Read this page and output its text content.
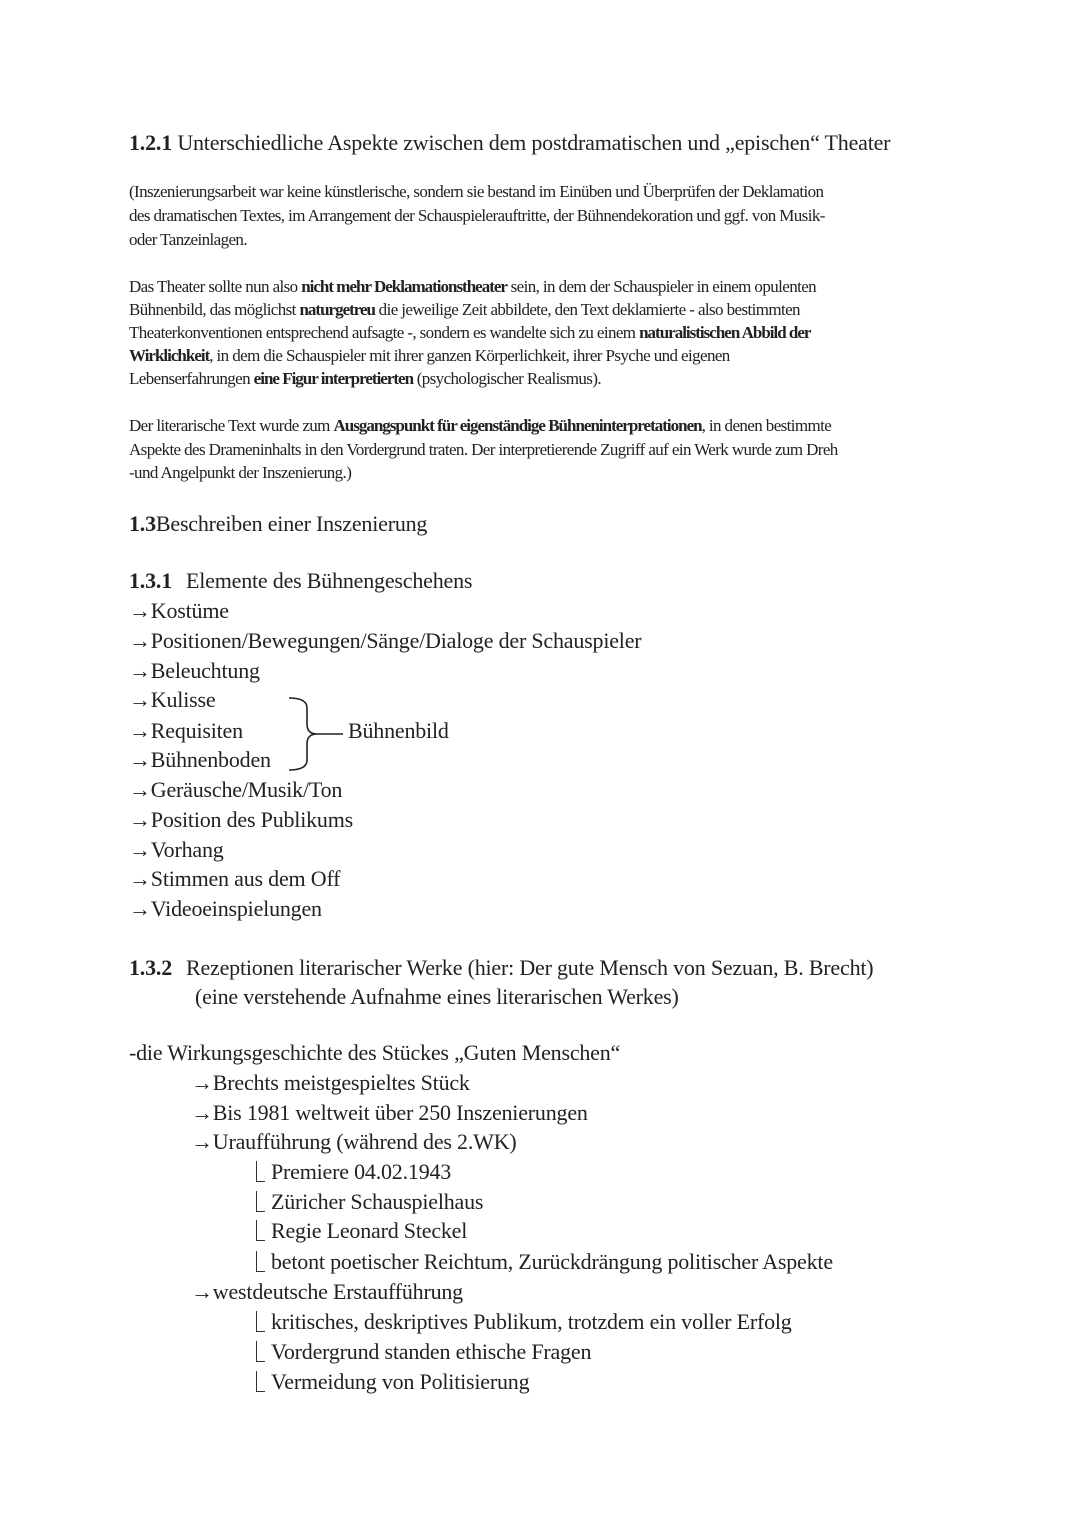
1.2.1 Unterschiedliche Aspekte zwischen dem postdramatischen und „epischen“ Theater
(Inszenierungsarbeit war keine künstlerische, sondern sie bestand im Einüben und Überprüfen der Deklamation
des dramatischen Textes, im Arrangement der Schauspielerauftritte, der Bühnendekoration und ggf. von Musik-
oder Tanzeinlagen.
Das Theater sollte nun also nicht mehr Deklamationstheater sein, in dem der Schauspieler in einem opulenten
Bühnenbild, das möglichst naturgetreu die jeweilige Zeit abbildete, den Text deklamierte - also bestimmten
Theaterkonventionen entsprechend aufsagte -, sondern es wandelte sich zu einem naturalistischen Abbild der
Wirklichkeit, in dem die Schauspieler mit ihrer ganzen Körperlichkeit, ihrer Psyche und eigenen
Lebenserfahrungen eine Figur interpretierten (psychologischer Realismus).
Der literarische Text wurde zum Ausgangspunkt für eigenständige Bühneninterpretationen, in denen bestimmte
Aspekte des Drameninhalts in den Vordergrund traten. Der interpretierende Zugriff auf ein Werk wurde zum Dreh
-und Angelpunkt der Inszenierung.)
1.3Beschreiben einer Inszenierung
1.3.1 Elemente des Bühnengeschehens
→Kostüme
→Positionen/Bewegungen/Sänge/Dialoge der Schauspieler
→Beleuchtung
→Kulisse
→Requisiten
→Bühnenboden
→Geräusche/Musik/Ton
→Position des Publikums
→Vorhang
→Stimmen aus dem Off
→Videoeinspielungen
Bühnenbild
1.3.2 Rezeptionen literarischer Werke (hier: Der gute Mensch von Sezuan, B. Brecht)
(eine verstehende Aufnahme eines literarischen Werkes)
-die Wirkungsgeschichte des Stückes „Guten Menschen“
→Brechts meistgespieltes Stück
→Bis 1981 weltweit über 250 Inszenierungen
→Uraufführung (während des 2.WK)
Premiere 04.02.1943
Züricher Schauspielhaus
Regie Leonard Steckel
betont poetischer Reichtum, Zurückdrängung politischer Aspekte
→westdeutsche Erstaufführung
kritisches, deskriptives Publikum, trotzdem ein voller Erfolg
Vordergrund standen ethische Fragen
Vermeidung von Politisierung
